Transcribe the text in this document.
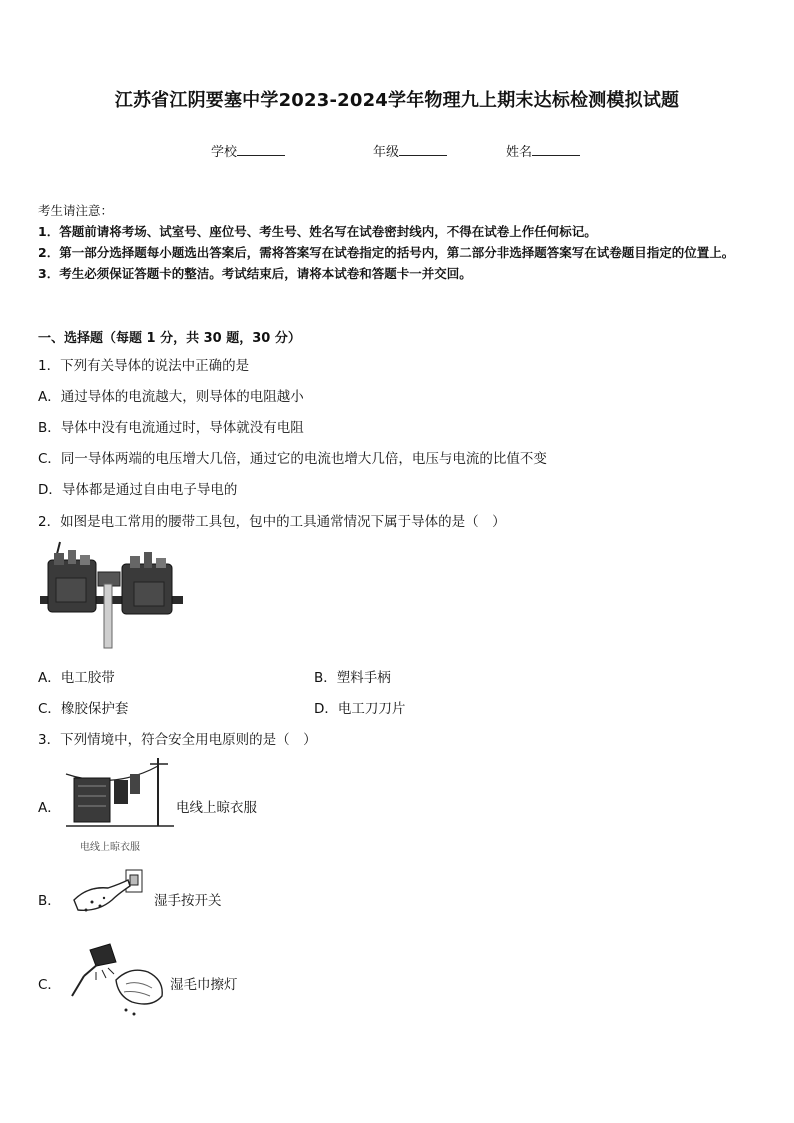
江苏省江阴要塞中学2023-2024学年物理九上期末达标检测模拟试题
学校	年级	姓名

考生请注意：

1．答题前请将考场、试室号、座位号、考生号、姓名写在试卷密封线内，不得在试卷上作任何标记。

2．第一部分选择题每小题选出答案后，需将答案写在试卷指定的括号内，第二部分非选择题答案写在试卷题目指定的位置上。

3．考生必须保证答题卡的整洁。考试结束后，请将本试卷和答题卡一并交回。

一、选择题（每题 1 分，共 30 题，30 分）
1．下列有关导体的说法中正确的是
A．通过导体的电流越大，则导体的电阻越小
B．导体中没有电流通过时，导体就没有电阻
C．同一导体两端的电压增大几倍，通过它的电流也增大几倍，电压与电流的比值不变
D．导体都是通过自由电子导电的
2．如图是电工常用的腰带工具包，包中的工具通常情况下属于导体的是（　）
A．电工胶带	B．塑料手柄
C．橡胶保护套	D．电工刀刀片
3．下列情境中，符合安全用电原则的是（　）
A．
电线上晾衣服
电线上晾衣服
B．	湿手按开关
C．	湿毛巾擦灯
